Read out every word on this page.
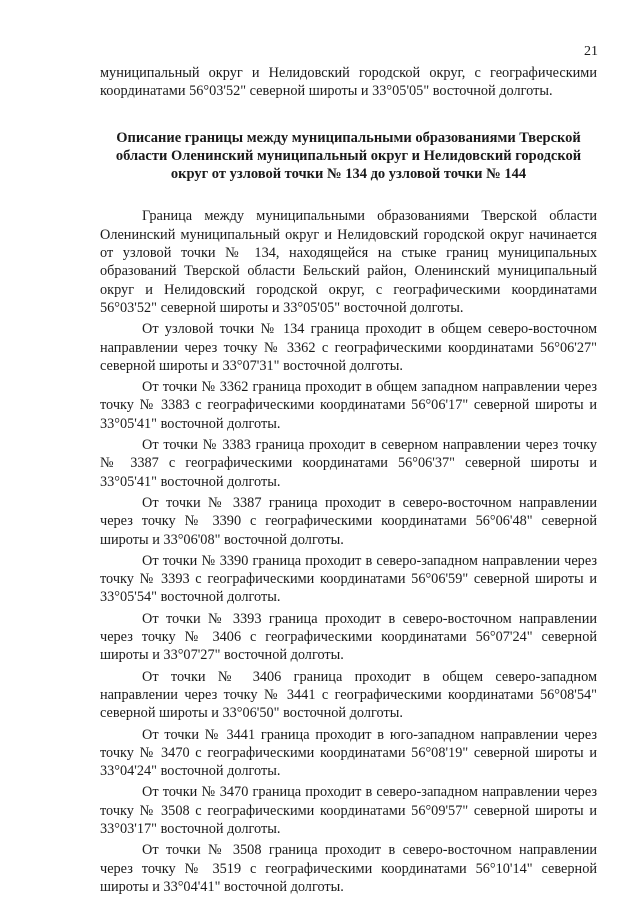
21

муниципальный округ и Нелидовский городской округ, с географическими координатами 56°03'52" северной широты и 33°05'05" восточной долготы.

Описание границы между муниципальными образованиями Тверской области Оленинский муниципальный округ и Нелидовский городской округ от узловой точки № 134 до узловой точки № 144

Граница между муниципальными образованиями Тверской области Оленинский муниципальный округ и Нелидовский городской округ начинается от узловой точки № 134, находящейся на стыке границ муниципальных образований Тверской области Бельский район, Оленинский муниципальный округ и Нелидовский городской округ, с географическими координатами 56°03'52" северной широты и 33°05'05" восточной долготы.

От узловой точки № 134 граница проходит в общем северо-восточном направлении через точку № 3362 с географическими координатами 56°06'27" северной широты и 33°07'31" восточной долготы.

От точки № 3362 граница проходит в общем западном направлении через точку № 3383 с географическими координатами 56°06'17" северной широты и 33°05'41" восточной долготы.

От точки № 3383 граница проходит в северном направлении через точку № 3387 с географическими координатами 56°06'37" северной широты и 33°05'41" восточной долготы.

От точки № 3387 граница проходит в северо-восточном направлении через точку № 3390 с географическими координатами 56°06'48" северной широты и 33°06'08" восточной долготы.

От точки № 3390 граница проходит в северо-западном направлении через точку № 3393 с географическими координатами 56°06'59" северной широты и 33°05'54" восточной долготы.

От точки № 3393 граница проходит в северо-восточном направлении через точку № 3406 с географическими координатами 56°07'24" северной широты и 33°07'27" восточной долготы.

От точки № 3406 граница проходит в общем северо-западном направлении через точку № 3441 с географическими координатами 56°08'54" северной широты и 33°06'50" восточной долготы.

От точки № 3441 граница проходит в юго-западном направлении через точку № 3470 с географическими координатами 56°08'19" северной широты и 33°04'24" восточной долготы.

От точки № 3470 граница проходит в северо-западном направлении через точку № 3508 с географическими координатами 56°09'57" северной широты и 33°03'17" восточной долготы.

От точки № 3508 граница проходит в северо-восточном направлении через точку № 3519 с географическими координатами 56°10'14" северной широты и 33°04'41" восточной долготы.
